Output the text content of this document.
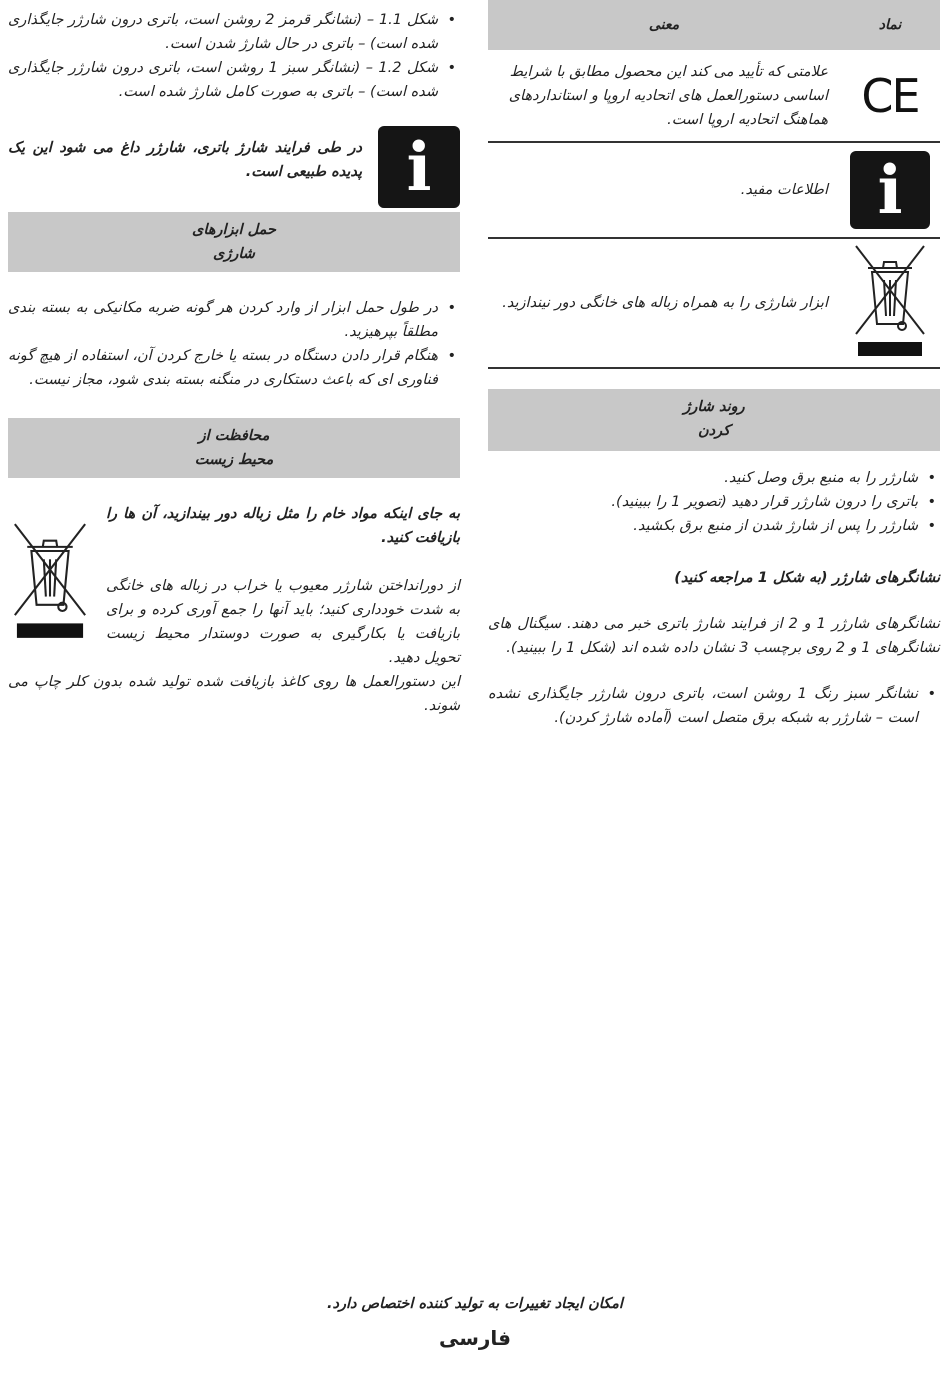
نماد	معنی
CE	علامتی که تأیید می کند این محصول مطابق با شرایط اساسی دستورالعمل های اتحادیه اروپا و استانداردهای هماهنگ اتحادیه اروپا است.
i	اطلاعات مفید.
	ابزار شارژی را به همراه زباله های خانگی دور نیندازید.
روند شارژ
کردن
• شارژر را به منبع برق وصل کنید.
• باتری را درون شارژر قرار دهید (تصویر 1 را ببینید).
• شارژر را پس از شارژ شدن از منبع برق بکشید.
نشانگرهای شارژر (به شکل 1 مراجعه کنید)
نشانگرهای شارژر 1 و 2 از فرایند شارژ باتری خبر می دهند. سیگنال های نشانگرهای 1 و 2 روی برچسب 3 نشان داده شده اند (شکل 1 را ببینید).
• نشانگر سبز رنگ 1 روشن است، باتری درون شارژر جایگذاری نشده است – شارژر به شبکه برق متصل است (آماده شارژ کردن).
• شکل 1.1 – (نشانگر قرمز 2 روشن است، باتری درون شارژر جایگذاری شده است) – باتری در حال شارژ شدن است.
• شکل 1.2 – (نشانگر سبز 1 روشن است، باتری درون شارژر جایگذاری شده است) – باتری به صورت کامل شارژ شده است.
i
در طی فرایند شارژ باتری، شارژر داغ می شود این یک پدیده طبیعی است.
حمل ابزارهای
شارژی
• در طول حمل ابزار از وارد کردن هر گونه ضربه مکانیکی به بسته بندی مطلقاً بپرهیزید.
• هنگام قرار دادن دستگاه در بسته یا خارج کردن آن، استفاده از هیچ گونه فناوری ای که باعث دستکاری در منگنه بسته بندی شود، مجاز نیست.
محافظت از
محیط زیست
به جای اینکه مواد خام را مثل زباله دور بیندازید، آن ها را بازیافت کنید.
از دورانداختن شارژر معیوب یا خراب در زباله های خانگی به شدت خودداری کنید؛ باید آنها را جمع آوری کرده و برای بازیافت یا بکارگیری به صورت دوستدار محیط زیست تحویل دهید.
این دستورالعمل ها روی کاغذ بازیافت شده تولید شده بدون کلر چاپ می شوند.
امکان ایجاد تغییرات به تولید کننده اختصاص دارد.
فارسی
